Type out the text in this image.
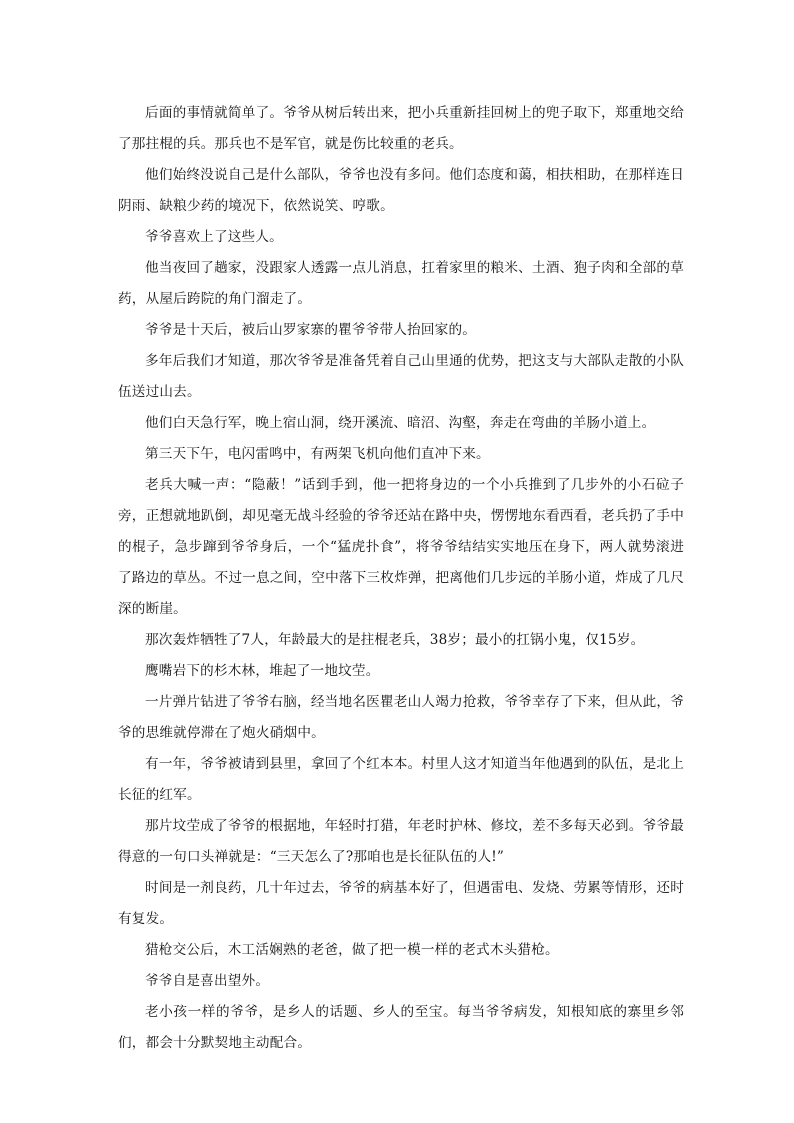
后面的事情就简单了。爷爷从树后转出来，把小兵重新挂回树上的兜子取下，郑重地交给了那拄棍的兵。那兵也不是军官，就是伤比较重的老兵。

他们始终没说自己是什么部队，爷爷也没有多问。他们态度和蔼，相扶相助，在那样连日阴雨、缺粮少药的境况下，依然说笑、哼歌。

爷爷喜欢上了这些人。

他当夜回了趟家，没跟家人透露一点儿消息，扛着家里的粮米、土酒、狍子肉和全部的草药，从屋后跨院的角门溜走了。

爷爷是十天后，被后山罗家寨的瞿爷爷带人抬回家的。

多年后我们才知道，那次爷爷是准备凭着自己山里通的优势，把这支与大部队走散的小队伍送过山去。

他们白天急行军，晚上宿山洞，绕开溪流、暗沼、沟壑，奔走在弯曲的羊肠小道上。

第三天下午，电闪雷鸣中，有两架飞机向他们直冲下来。

老兵大喊一声：“隐蔽！”话到手到，他一把将身边的一个小兵推到了几步外的小石砬子旁，正想就地趴倒，却见毫无战斗经验的爷爷还站在路中央，愣愣地东看西看，老兵扔了手中的棍子，急步蹿到爷爷身后，一个“猛虎扑食”，将爷爷结结实实地压在身下，两人就势滚进了路边的草丛。不过一息之间，空中落下三枚炸弹，把离他们几步远的羊肠小道，炸成了几尺深的断崖。

那次轰炸牺牲了7人，年龄最大的是拄棍老兵，38岁；最小的扛锅小鬼，仅15岁。

鹰嘴岩下的杉木林，堆起了一地坟茔。

一片弹片钻进了爷爷右脑，经当地名医瞿老山人竭力抢救，爷爷幸存了下来，但从此，爷爷的思维就停滞在了炮火硝烟中。

有一年，爷爷被请到县里，拿回了个红本本。村里人这才知道当年他遇到的队伍，是北上长征的红军。

那片坟茔成了爷爷的根据地，年轻时打猎，年老时护林、修坟，差不多每天必到。爷爷最得意的一句口头禅就是：“三天怎么了?那咱也是长征队伍的人!”

时间是一剂良药，几十年过去，爷爷的病基本好了，但遇雷电、发烧、劳累等情形，还时有复发。

猎枪交公后，木工活娴熟的老爸，做了把一模一样的老式木头猎枪。

爷爷自是喜出望外。

老小孩一样的爷爷，是乡人的话题、乡人的至宝。每当爷爷病发，知根知底的寨里乡邻们，都会十分默契地主动配合。
